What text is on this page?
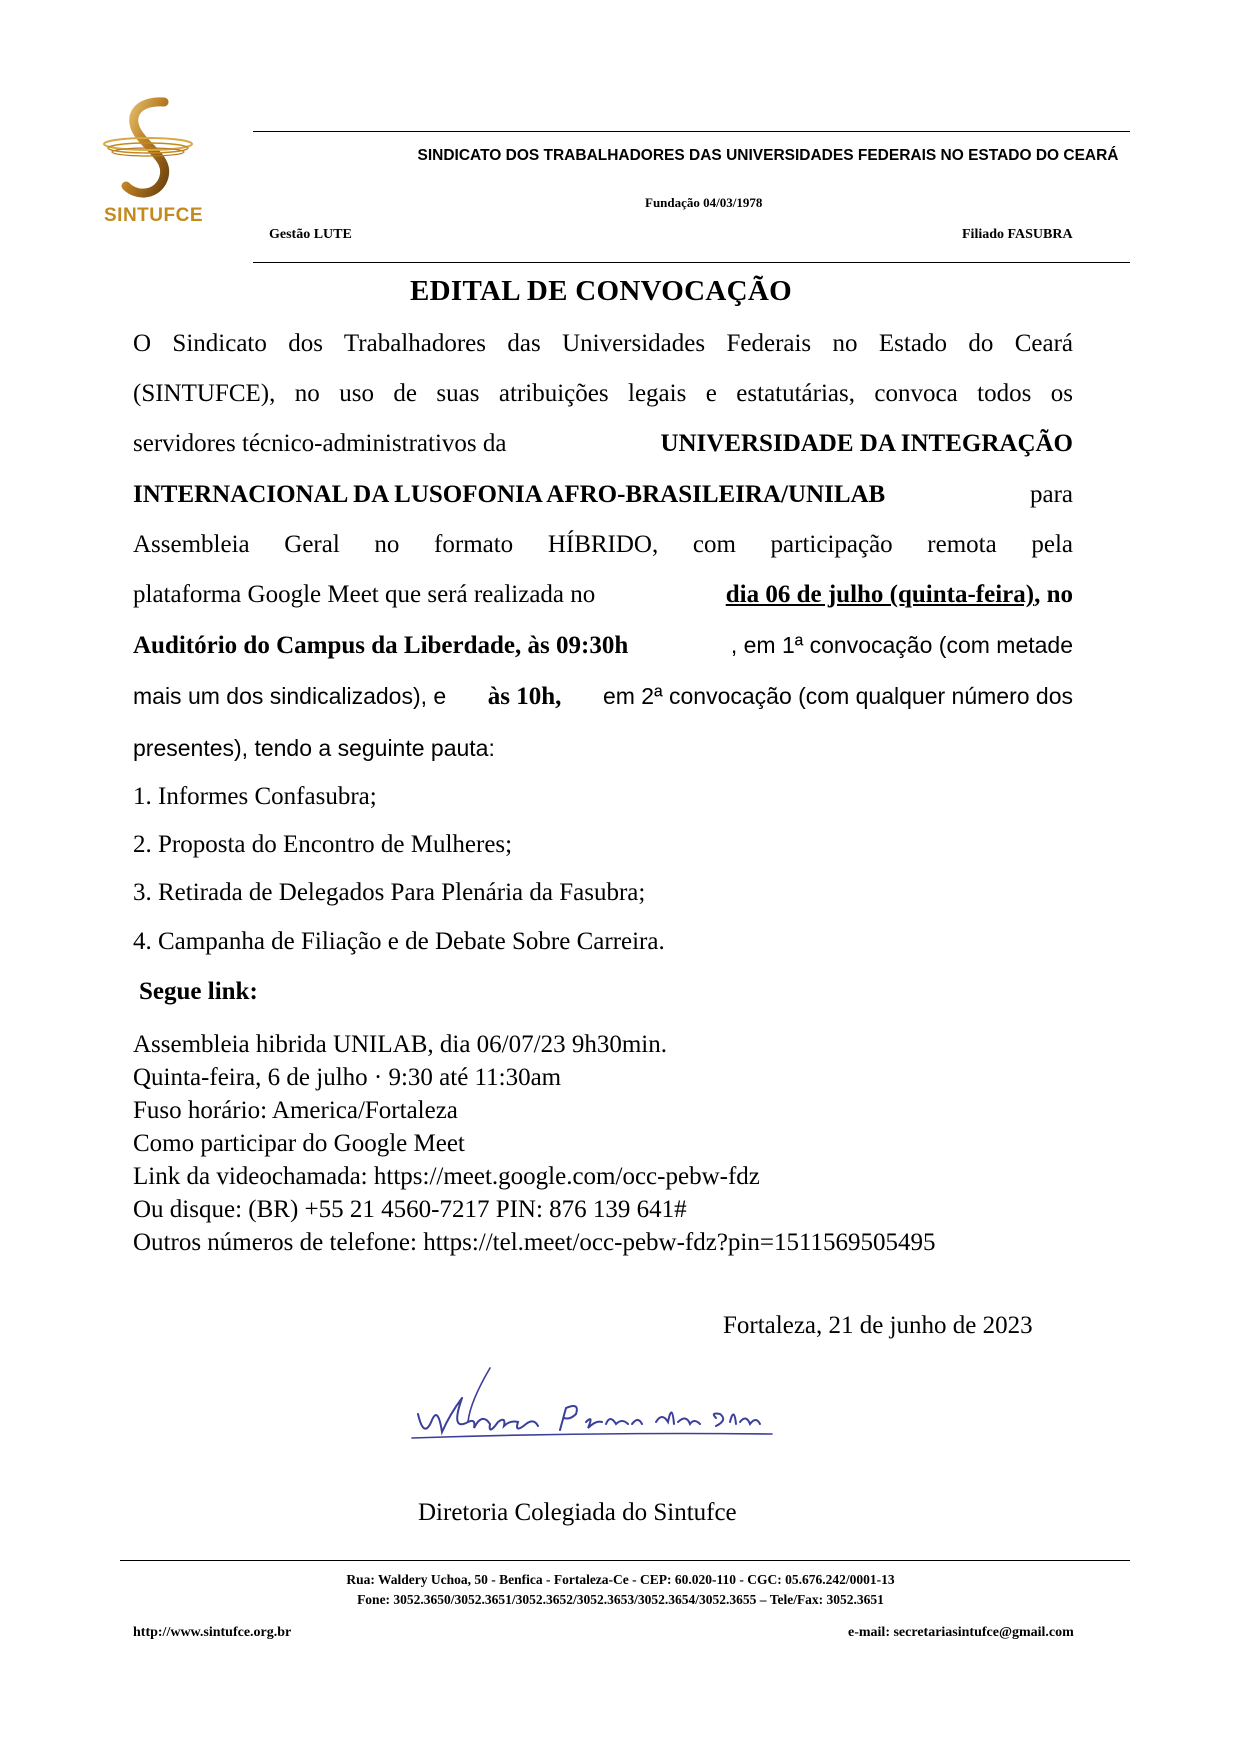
SINTUFCE
SINDICATO DOS TRABALHADORES DAS UNIVERSIDADES FEDERAIS NO ESTADO DO CEARÁ
Fundação 04/03/1978
Gestão LUTE	Filiado FASUBRA
EDITAL DE CONVOCAÇÃO
O Sindicato dos Trabalhadores das Universidades Federais no Estado do Ceará
(SINTUFCE), no uso de suas atribuições legais e estatutárias, convoca todos os
servidores técnico-administrativos da	UNIVERSIDADE DA INTEGRAÇÃO
INTERNACIONAL DA LUSOFONIA AFRO-BRASILEIRA/UNILAB	para
Assembleia Geral no formato HÍBRIDO, com participação remota pela
plataforma Google Meet que será realizada no	dia 06 de julho (quinta-feira), no
Auditório do Campus da Liberdade, às 09:30h	, em 1ª convocação (com metade
mais um dos sindicalizados), e às 10h, em 2ª convocação (com qualquer número dos
presentes), tendo a seguinte pauta:
1. Informes Confasubra;
2. Proposta do Encontro de Mulheres;
3. Retirada de Delegados Para Plenária da Fasubra;
4. Campanha de Filiação e de Debate Sobre Carreira.
Segue link:
Assembleia hibrida UNILAB, dia 06/07/23 9h30min.
Quinta-feira, 6 de julho · 9:30 até 11:30am
Fuso horário: America/Fortaleza
Como participar do Google Meet
Link da videochamada: https://meet.google.com/occ-pebw-fdz
Ou disque: (BR) +55 21 4560-7217 PIN: 876 139 641#
Outros números de telefone: https://tel.meet/occ-pebw-fdz?pin=1511569505495
Fortaleza, 21 de junho de 2023
Diretoria Colegiada do Sintufce
Rua: Waldery Uchoa, 50 - Benfica - Fortaleza-Ce - CEP: 60.020-110 - CGC: 05.676.242/0001-13
Fone: 3052.3650/3052.3651/3052.3652/3052.3653/3052.3654/3052.3655 – Tele/Fax: 3052.3651
http://www.sintufce.org.br	e-mail: secretariasintufce@gmail.com
